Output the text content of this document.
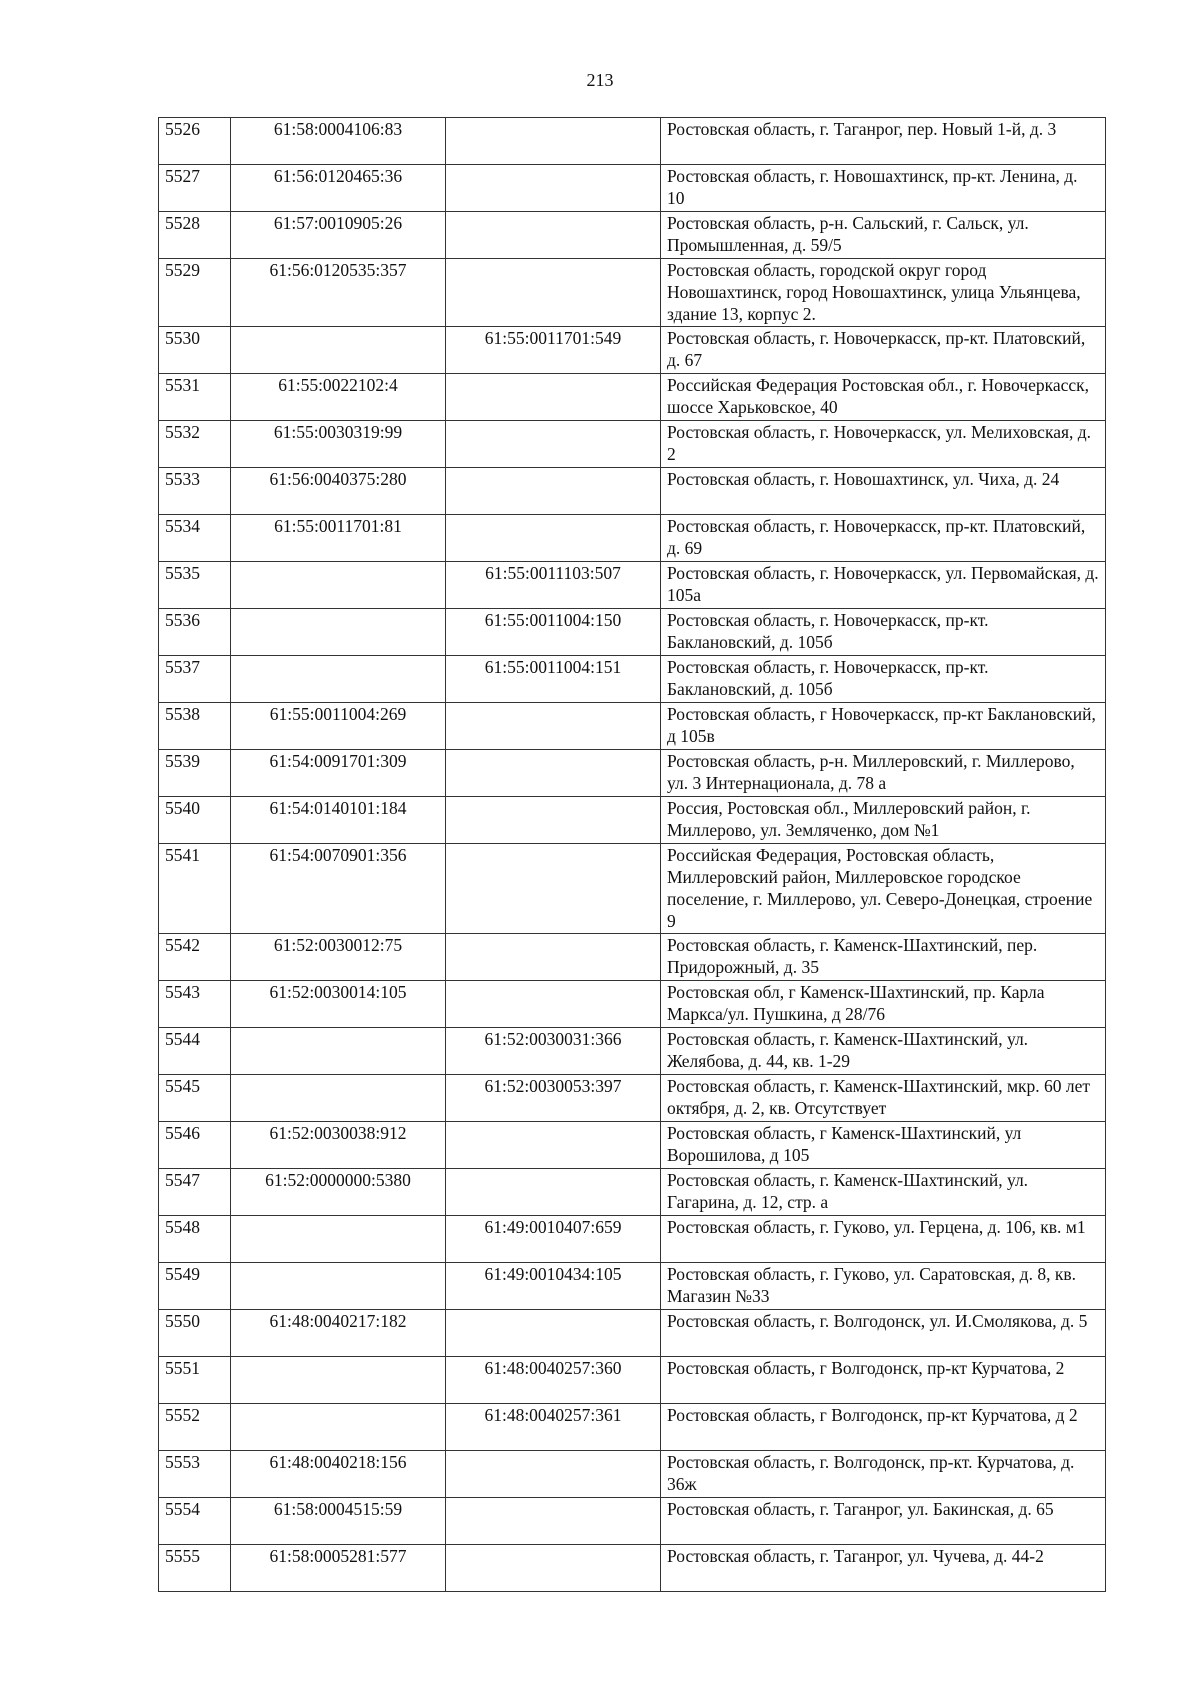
213
5526	61:58:0004106:83		Ростовская область, г. Таганрог, пер. Новый 1-й, д. 3
5527	61:56:0120465:36		Ростовская область, г. Новошахтинск, пр-кт. Ленина, д. 10
5528	61:57:0010905:26		Ростовская область, р-н. Сальский, г. Сальск, ул. Промышленная, д. 59/5
5529	61:56:0120535:357		Ростовская область, городской округ город Новошахтинск, город Новошахтинск, улица Ульянцева, здание 13, корпус 2.
5530		61:55:0011701:549	Ростовская область, г. Новочеркасск, пр-кт. Платовский, д. 67
5531	61:55:0022102:4		Российская Федерация Ростовская обл., г. Новочеркасск, шоссе Харьковское, 40
5532	61:55:0030319:99		Ростовская область, г. Новочеркасск, ул. Мелиховская, д. 2
5533	61:56:0040375:280		Ростовская область, г. Новошахтинск, ул. Чиха, д. 24
5534	61:55:0011701:81		Ростовская область, г. Новочеркасск, пр-кт. Платовский, д. 69
5535		61:55:0011103:507	Ростовская область, г. Новочеркасск, ул. Первомайская, д. 105а
5536		61:55:0011004:150	Ростовская область, г. Новочеркасск, пр-кт. Баклановский, д. 105б
5537		61:55:0011004:151	Ростовская область, г. Новочеркасск, пр-кт. Баклановский, д. 105б
5538	61:55:0011004:269		Ростовская область, г Новочеркасск, пр-кт Баклановский, д 105в
5539	61:54:0091701:309		Ростовская область, р-н. Миллеровский, г. Миллерово, ул. 3 Интернационала, д. 78 а
5540	61:54:0140101:184		Россия, Ростовская обл., Миллеровский район, г. Миллерово, ул. Земляченко, дом №1
5541	61:54:0070901:356		Российская Федерация, Ростовская область, Миллеровский район, Миллеровское городское поселение, г. Миллерово, ул. Северо-Донецкая, строение 9
5542	61:52:0030012:75		Ростовская область, г. Каменск-Шахтинский, пер. Придорожный, д. 35
5543	61:52:0030014:105		Ростовская обл, г Каменск-Шахтинский, пр. Карла Маркса/ул. Пушкина, д 28/76
5544		61:52:0030031:366	Ростовская область, г. Каменск-Шахтинский, ул. Желябова, д. 44, кв. 1-29
5545		61:52:0030053:397	Ростовская область, г. Каменск-Шахтинский, мкр. 60 лет октября, д. 2, кв. Отсутствует
5546	61:52:0030038:912		Ростовская область, г Каменск-Шахтинский, ул Ворошилова, д 105
5547	61:52:0000000:5380		Ростовская область, г. Каменск-Шахтинский, ул. Гагарина, д. 12, стр. а
5548		61:49:0010407:659	Ростовская область, г. Гуково, ул. Герцена, д. 106, кв. м1
5549		61:49:0010434:105	Ростовская область, г. Гуково, ул. Саратовская, д. 8, кв. Магазин №33
5550	61:48:0040217:182		Ростовская область, г. Волгодонск, ул. И.Смолякова, д. 5
5551		61:48:0040257:360	Ростовская область, г Волгодонск, пр-кт Курчатова, 2
5552		61:48:0040257:361	Ростовская область, г Волгодонск, пр-кт Курчатова, д 2
5553	61:48:0040218:156		Ростовская область, г. Волгодонск, пр-кт. Курчатова, д. 36ж
5554	61:58:0004515:59		Ростовская область, г. Таганрог, ул. Бакинская, д. 65
5555	61:58:0005281:577		Ростовская область, г. Таганрог, ул. Чучева, д. 44-2
